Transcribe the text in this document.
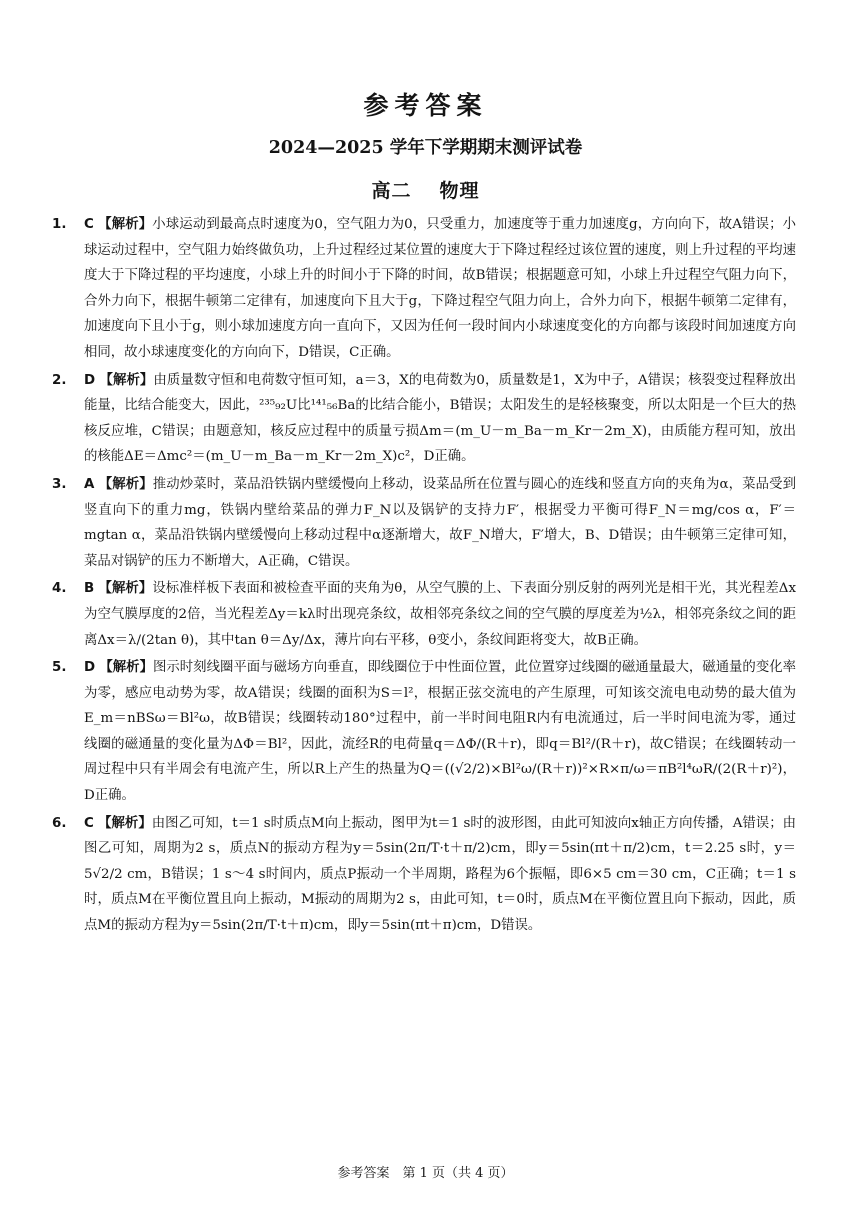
参考答案
2024—2025 学年下学期期末测评试卷
高二 物理
1. C 【解析】小球运动到最高点时速度为0，空气阻力为0，只受重力，加速度等于重力加速度g，方向向下，故A错误；小球运动过程中，空气阻力始终做负功，上升过程经过某位置的速度大于下降过程经过该位置的速度，则上升过程的平均速度大于下降过程的平均速度，小球上升的时间小于下降的时间，故B错误；根据题意可知，小球上升过程空气阻力向下，合外力向下，根据牛顿第二定律有，加速度向下且大于g，下降过程空气阻力向上，合外力向下，根据牛顿第二定律有，加速度向下且小于g，则小球加速度方向一直向下，又因为任何一段时间内小球速度变化的方向都与该段时间加速度方向相同，故小球速度变化的方向向下，D错误，C正确。
2. D 【解析】由质量数守恒和电荷数守恒可知，a＝3，X的电荷数为0，质量数是1，X为中子，A错误；核裂变过程释放出能量，比结合能变大，因此，²³⁵₉₂U比¹⁴¹₅₆Ba的比结合能小，B错误；太阳发生的是轻核聚变，所以太阳是一个巨大的热核反应堆，C错误；由题意知，核反应过程中的质量亏损Δm＝(m_U－m_Ba－m_Kr－2m_X)，由质能方程可知，放出的核能ΔE＝Δmc²＝(m_U－m_Ba－m_Kr－2m_X)c²，D正确。
3. A 【解析】推动炒菜时，菜品沿铁锅内壁缓慢向上移动，设菜品所在位置与圆心的连线和竖直方向的夹角为α，菜品受到竖直向下的重力mg，铁锅内壁给菜品的弹力F_N以及锅铲的支持力F′，根据受力平衡可得F_N＝mg/cos α，F′＝mgtan α，菜品沿铁锅内壁缓慢向上移动过程中α逐渐增大，故F_N增大，F′增大，B、D错误；由牛顿第三定律可知，菜品对锅铲的压力不断增大，A正确，C错误。
4. B 【解析】设标准样板下表面和被检查平面的夹角为θ，从空气膜的上、下表面分别反射的两列光是相干光，其光程差Δx为空气膜厚度的2倍，当光程差Δy＝kλ时出现亮条纹，故相邻亮条纹之间的空气膜的厚度差为½λ，相邻亮条纹之间的距离Δx＝λ/(2tan θ)，其中tan θ＝Δy/Δx，薄片向右平移，θ变小，条纹间距将变大，故B正确。
5. D 【解析】图示时刻线圈平面与磁场方向垂直，即线圈位于中性面位置，此位置穿过线圈的磁通量最大，磁通量的变化率为零，感应电动势为零，故A错误；线圈的面积为S＝l²，根据正弦交流电的产生原理，可知该交流电电动势的最大值为E_m＝nBSω＝Bl²ω，故B错误；线圈转动180°过程中，前一半时间电阻R内有电流通过，后一半时间电流为零，通过线圈的磁通量的变化量为ΔΦ＝Bl²，因此，流经R的电荷量q＝ΔΦ/(R＋r)，即q＝Bl²/(R＋r)，故C错误；在线圈转动一周过程中只有半周会有电流产生，所以R上产生的热量为Q＝((√2/2)×Bl²ω/(R＋r))²×R×π/ω＝πB²l⁴ωR/(2(R＋r)²)，D正确。
6. C 【解析】由图乙可知，t＝1 s时质点M向上振动，图甲为t＝1 s时的波形图，由此可知波向x轴正方向传播，A错误；由图乙可知，周期为2 s，质点N的振动方程为y＝5sin(2π/T·t＋π/2)cm，即y＝5sin(πt＋π/2)cm，t＝2.25 s时，y＝5√2/2 cm，B错误；1 s～4 s时间内，质点P振动一个半周期，路程为6个振幅，即6×5 cm＝30 cm，C正确；t＝1 s时，质点M在平衡位置且向上振动，M振动的周期为2 s，由此可知，t＝0时，质点M在平衡位置且向下振动，因此，质点M的振动方程为y＝5sin(2π/T·t＋π)cm，即y＝5sin(πt＋π)cm，D错误。
参考答案　第 1 页（共 4 页）
